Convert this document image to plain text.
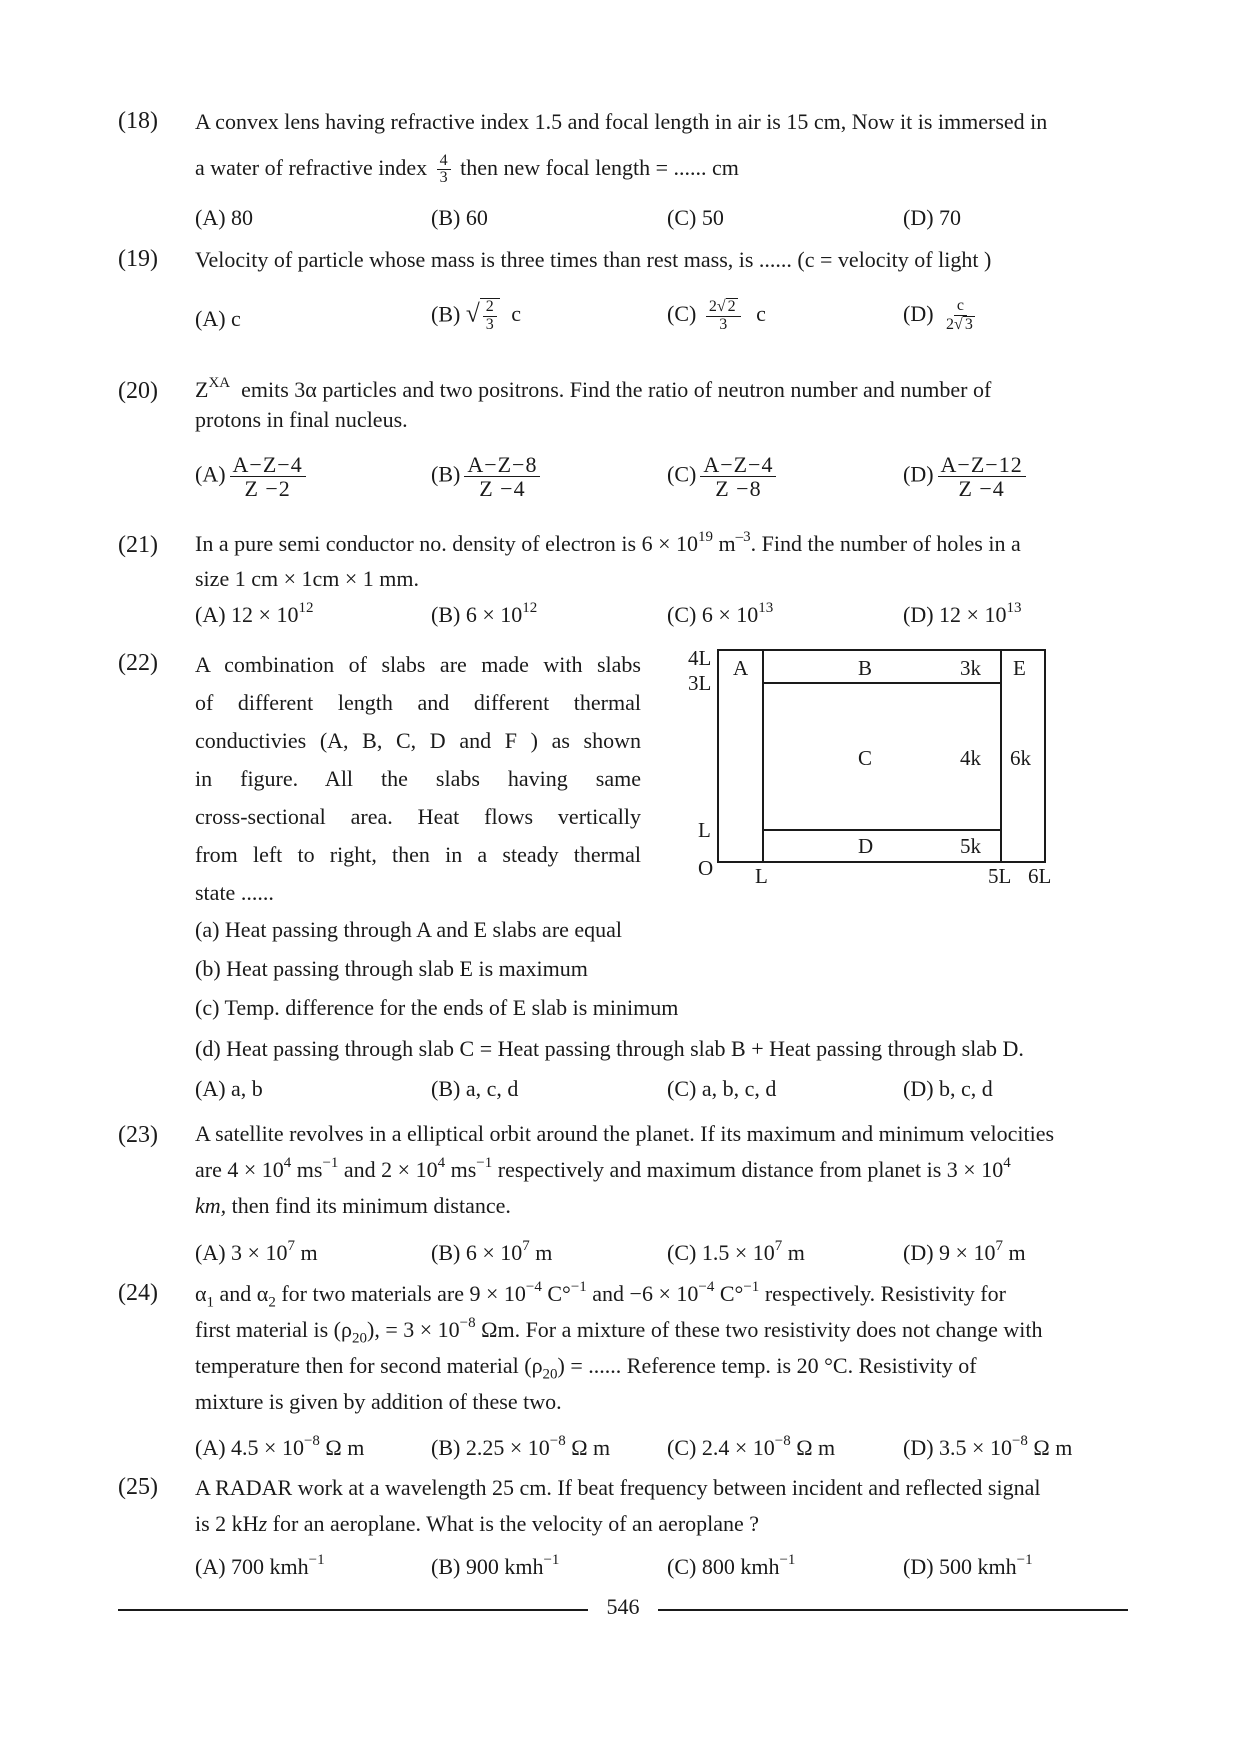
(18) A convex lens having refractive index 1.5 and focal length in air is 15 cm, Now it is immersed in
a water of refractive index $\frac{4}{3}$ then new focal length = ...... cm
(A) 80	(B) 60	(C) 50	(D) 70
(19) Velocity of particle whose mass is three times than rest mass, is ...... (c = velocity of light )
(A) c	(B) √ $\frac{2}{3}$ c	$(C) \frac{2√ 2}{3}$ c	$(D) \frac{c}{2√ 3}$
(20) $Z^{XA}$ emits 3α particles and two positrons. Find the ratio of neutron number and number of
protons in final nucleus.
$(A) \frac{A-Z-4}{Z -2}$	$(B) \frac{A-Z-8}{Z -4}$	$(C) \frac{A-Z-4}{Z -8}$	$(D) \frac{A-Z-12}{Z -4}$
(21) In a pure semi conductor no. density of electron is $6 \times 10^{19}$ $m^{-3}$. Find the number of holes in a
size 1 cm × 1cm × 1 mm.
(A) $12 \times 10^{12}$	(B) $6 \times 10^{12}$	(C) $6 \times 10^{13}$	(D) $12 \times 10^{13}$
(22) A combination of slabs are made with slabs
of different length and different thermal
conductivies (A, B, C, D and F ) as shown
in figure. All the slabs having same
cross-sectional area. Heat flows vertically
from left to right, then in a steady thermal
state ......
(a) Heat passing through A and E slabs are equal
(b) Heat passing through slab E is maximum
(c) Temp. difference for the ends of E slab is minimum
(d) Heat passing through slab C = Heat passing through slab B + Heat passing through slab D.
(A) a, b	(B) a, c, d	(C) a, b, c, d	(D) b, c, d
4L
3L
L
O L	5L 6L
A	B
C
D
E
3k
4k
5k
6k
(23) A satellite revolves in a elliptical orbit around the planet. If its maximum and minimum velocities
are $4 \times 10^4$ $ms^{-1}$ and $2 \times 10^4$ $ms^{-1}$ respectively and maximum distance from planet is $3 \times 10^4$
km, then find its minimum distance.
(A) $3 \times 10^7$ m	(B) $6 \times 10^7$ m	(C) $1.5 \times 10^7$ m	(D) $9 \times 10^7$ m
(24) $\alpha_1$ and $\alpha_2$ for two materials are $9 \times 10^{-4}$ C°$^{-1}$ and $-6 \times 10^{-4}$ C°$^{-1}$ respectively. Resistivity for
first material is $(\rho_{20})$, = $3 \times 10^{-8}$ Ωm. For a mixture of these two resistivity does not change with
temperature then for second material $(\rho_{20})$ = ...... Reference temp. is 20 °C. Resistivity of
mixture is given by addition of these two.
(A) $4.5 \times 10^{-8}$ Ω m	(B) $2.25 \times 10^{-8}$ Ω m	(C) $2.4 \times 10^{-8}$ Ω m	(D) $3.5 \times 10^{-8}$ Ω m
(25) A RADAR work at a wavelength 25 cm. If beat frequency between incident and reflected signal
is 2 kHz for an aeroplane. What is the velocity of an aeroplane ?
(A) 700 kmh$^{-1}$	(B) 900 kmh$^{-1}$	(C) 800 kmh$^{-1}$	(D) 500 kmh$^{-1}$
546
